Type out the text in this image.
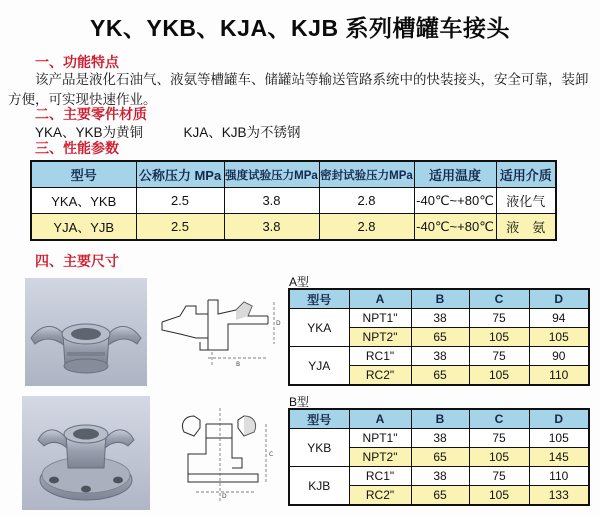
YK、YKB、KJA、KJB 系列槽罐车接头
一、功能特点
该产品是液化石油气、液氨等槽罐车、储罐站等输送管路系统中的快装接头，安全可靠，装卸方便，可实现快速作业。
二、主要零件材质
YKA、YKB为黄铜　　　KJA、KJB为不锈钢
三、性能参数
型号	公称压力 MPa	强度试验压力MPa	密封试验压力MPa	适用温度	适用介质
YKA、YKB	2.5	3.8	2.8	-40℃~+80℃	液化气
YJA、YJB	2.5	3.8	2.8	-40℃~+80℃	液　氨
四、主要尺寸
D
B
A型
型号	A	B	C	D
YKA	NPT1"	38	75	94
	NPT2"	65	105	105
YJA	RC1"	38	75	90
	RC2"	65	105	110
C
D
B型
型号	A	B	C	D
YKB	NPT1"	38	75	105
	NPT2"	65	105	145
KJB	RC1"	38	75	110
	RC2"	65	105	133
